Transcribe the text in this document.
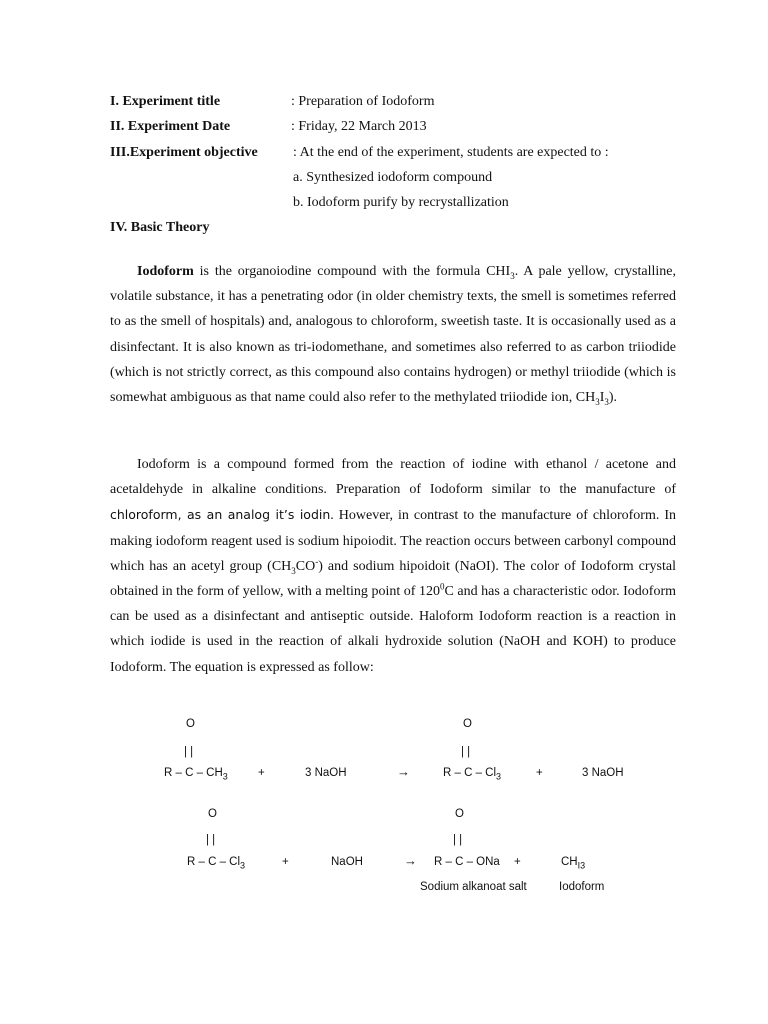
I. Experiment title	: Preparation of Iodoform
II. Experiment Date	: Friday, 22 March 2013
III.Experiment objective	: At the end of the experiment, students are expected to :
a. Synthesized iodoform compound
b. Iodoform purify by recrystallization
IV. Basic Theory

Iodoform is the organoiodine compound with the formula $CHI_3$. A pale yellow, crystalline, volatile substance, it has a penetrating odor (in older chemistry texts, the smell is sometimes referred to as the smell of hospitals) and, analogous to chloroform, sweetish taste. It is occasionally used as a disinfectant. It is also known as tri-iodomethane, and sometimes also referred to as carbon triiodide (which is not strictly correct, as this compound also contains hydrogen) or methyl triiodide (which is somewhat ambiguous as that name could also refer to the methylated triiodide ion, $CH_3I_3$).

Iodoform is a compound formed from the reaction of iodine with ethanol / acetone and acetaldehyde in alkaline conditions. Preparation of Iodoform similar to the manufacture of chloroform, as an analog it’s iodin. However, in contrast to the manufacture of chloroform. In making iodoform reagent used is sodium hipoiodit. The reaction occurs between carbonyl compound which has an acetyl group $(CH_3CO^-)$ and sodium hipoidoit (NaOI). The color of Iodoform crystal obtained in the form of yellow, with a melting point of $120^0C$ and has a characteristic odor. Iodoform can be used as a disinfectant and antiseptic outside. Haloform Iodoform reaction is a reaction in which iodide is used in the reaction of alkali hydroxide solution (NaOH and KOH) to produce Iodoform. The equation is expressed as follow:

O
| |
R – C – $CH_3$	+	3 NaOH	→
O
| |
R – C – $Cl_3$	+	3 NaOH
O
| |
R – C – $Cl_3$	+	NaOH	→
O
| |
R – C – ONa +	$CH_{I3}$
Sodium alkanoat salt	Iodoform
